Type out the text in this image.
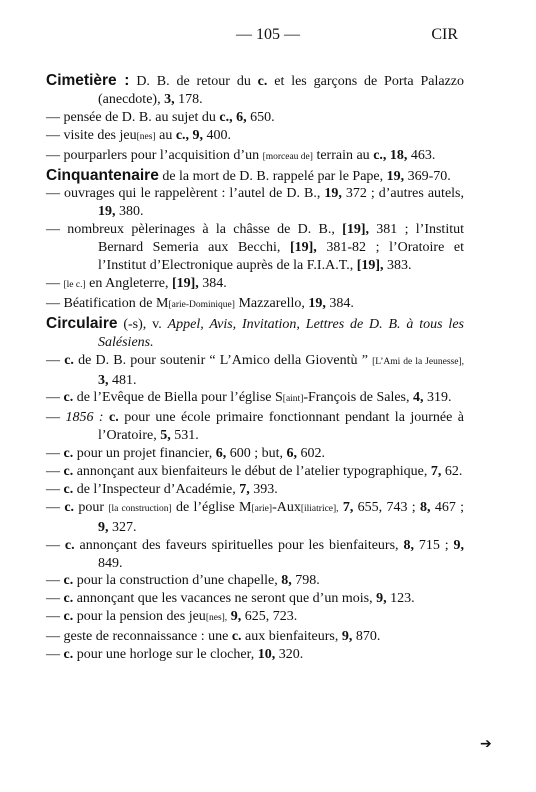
— 105 —	CIR

Cimetière : D. B. de retour du c. et les garçons de Porta Palazzo (anecdote), 3, 178.

— pensée de D. B. au sujet du c., 6, 650.

— visite des jeu[nes] au c., 9, 400.

— pourparlers pour l’acquisition d’un [morceau de] terrain au c., 18, 463.

Cinquantenaire de la mort de D. B. rappelé par le Pape, 19, 369-70.

— ouvrages qui le rappelèrent : l’autel de D. B., 19, 372 ; d’autres autels, 19, 380.

— nombreux pèlerinages à la châsse de D. B., [19], 381 ; l’Institut Bernard Semeria aux Becchi, [19], 381-82 ; l’Oratoire et l’Institut d’Electronique auprès de la F.I.A.T., [19], 383.

— [le c.] en Angleterre, [19], 384.

— Béatification de M[arie-Dominique] Mazzarello, 19, 384.

Circulaire (-s), v. Appel, Avis, Invitation, Lettres de D. B. à tous les Salésiens.

— c. de D. B. pour soutenir “ L’Amico della Gioventù ” [L’Ami de la Jeunesse], 3, 481.

— c. de l’Evêque de Biella pour l’église S[aint]-François de Sales, 4, 319.

— 1856 : c. pour une école primaire fonctionnant pendant la journée à l’Oratoire, 5, 531.

— c. pour un projet financier, 6, 600 ; but, 6, 602.

— c. annonçant aux bienfaiteurs le début de l’atelier typographique, 7, 62.

— c. de l’Inspecteur d’Académie, 7, 393.

— c. pour [la construction] de l’église M[arie]-Aux[iliatrice], 7, 655, 743 ; 8, 467 ; 9, 327.

— c. annonçant des faveurs spirituelles pour les bienfaiteurs, 8, 715 ; 9, 849.

— c. pour la construction d’une chapelle, 8, 798.

— c. annonçant que les vacances ne seront que d’un mois, 9, 123.

— c. pour la pension des jeu[nes], 9, 625, 723.

— geste de reconnaissance : une c. aux bienfaiteurs, 9, 870.

— c. pour une horloge sur le clocher, 10, 320.

➔
